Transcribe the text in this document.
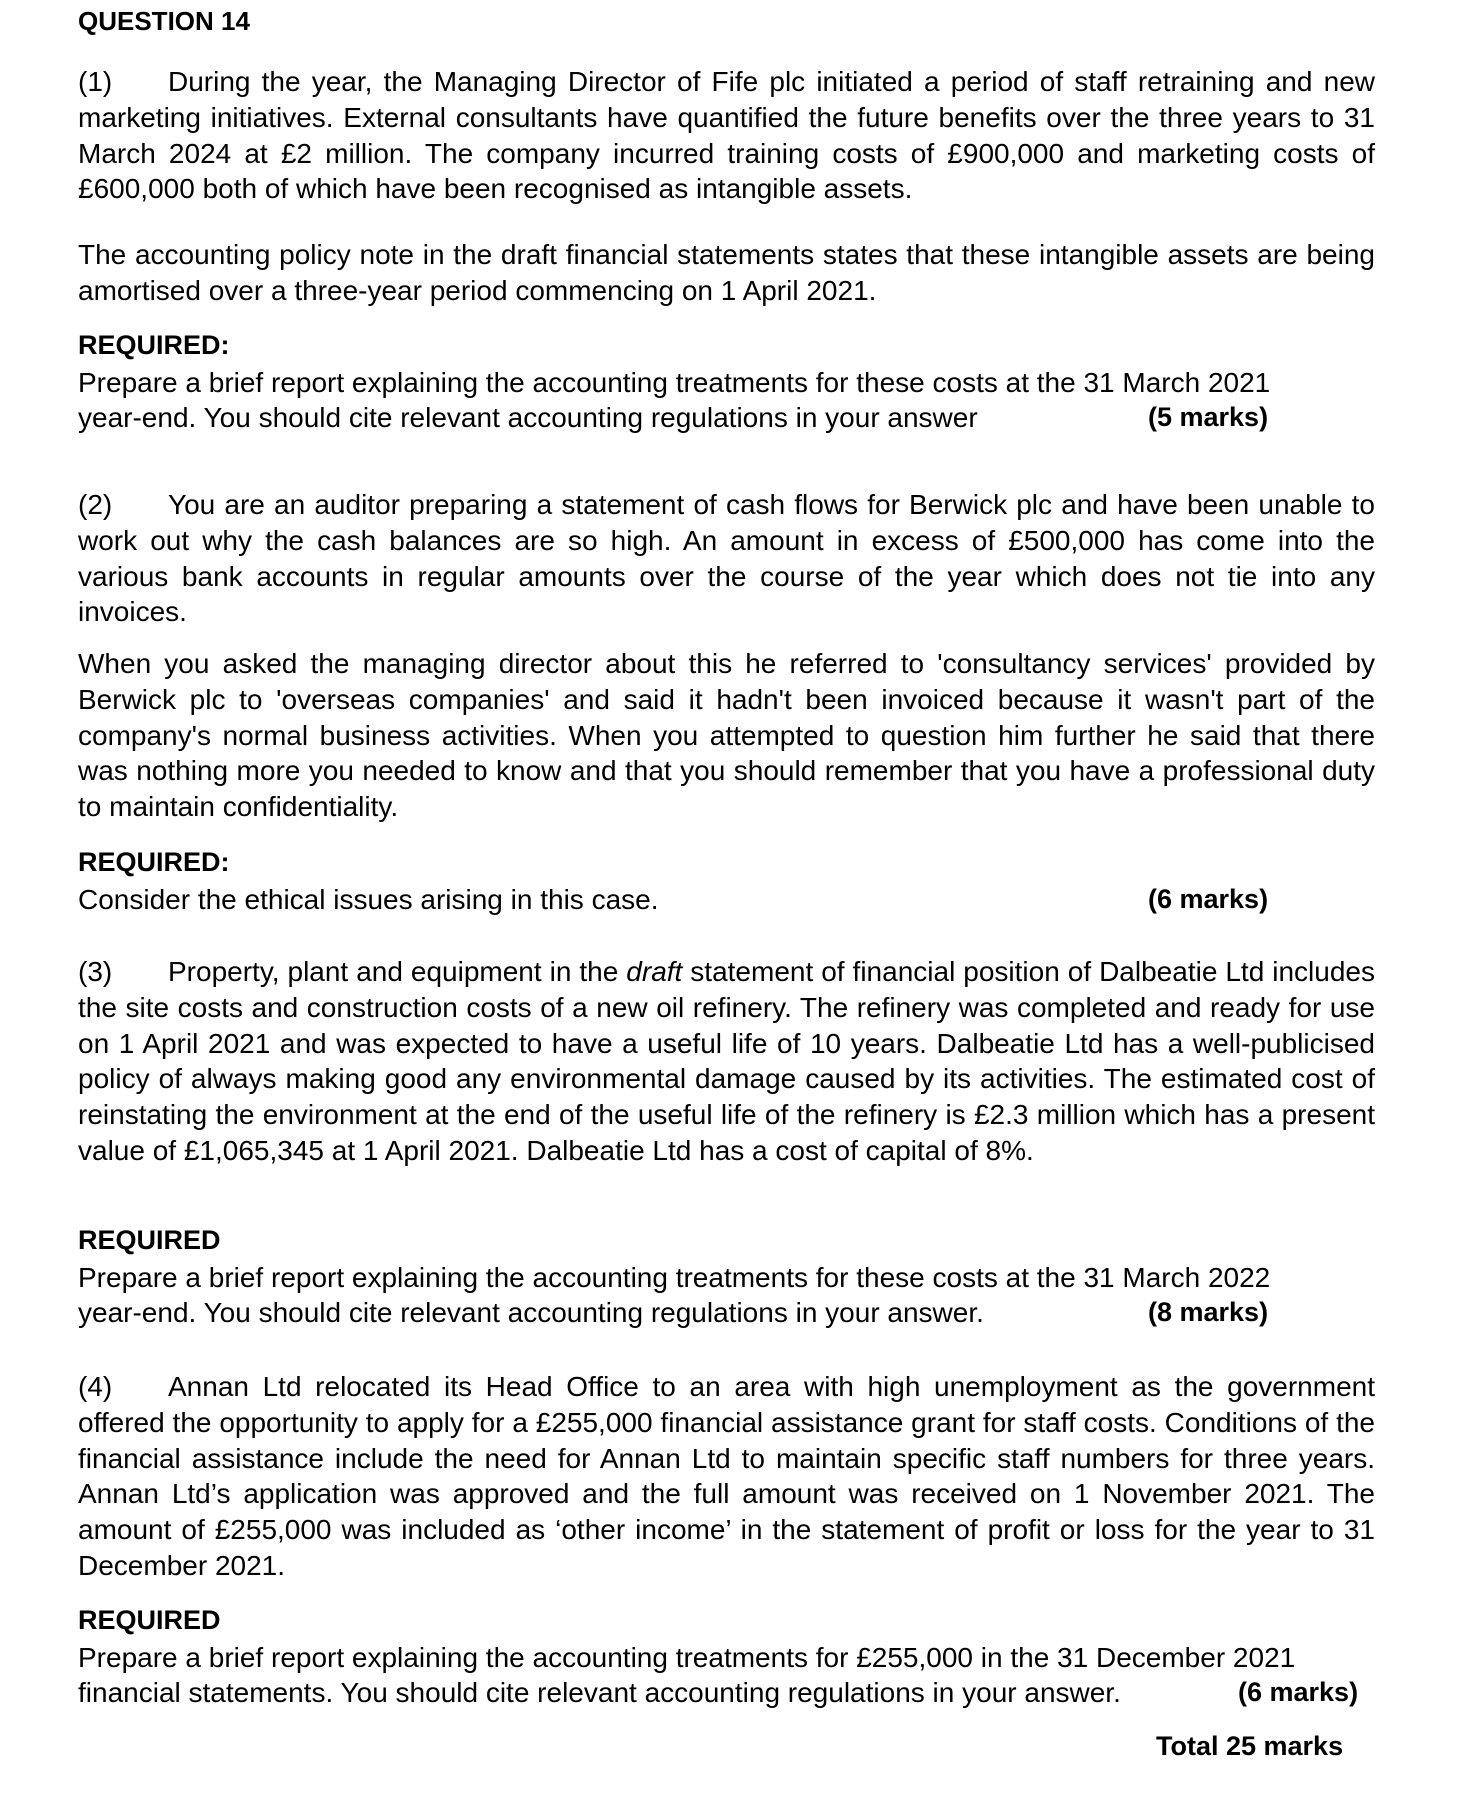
QUESTION 14
(1) During the year, the Managing Director of Fife plc initiated a period of staff retraining and new marketing initiatives. External consultants have quantified the future benefits over the three years to 31 March 2024 at £2 million. The company incurred training costs of £900,000 and marketing costs of £600,000 both of which have been recognised as intangible assets.
The accounting policy note in the draft financial statements states that these intangible assets are being amortised over a three-year period commencing on 1 April 2021.
REQUIRED:
Prepare a brief report explaining the accounting treatments for these costs at the 31 March 2021
year-end. You should cite relevant accounting regulations in your answer	(5 marks)
(2) You are an auditor preparing a statement of cash flows for Berwick plc and have been unable to work out why the cash balances are so high. An amount in excess of £500,000 has come into the various bank accounts in regular amounts over the course of the year which does not tie into any invoices.
When you asked the managing director about this he referred to 'consultancy services' provided by Berwick plc to 'overseas companies' and said it hadn't been invoiced because it wasn't part of the company's normal business activities. When you attempted to question him further he said that there was nothing more you needed to know and that you should remember that you have a professional duty to maintain confidentiality.
REQUIRED:
Consider the ethical issues arising in this case.	(6 marks)
(3) Property, plant and equipment in the draft statement of financial position of Dalbeatie Ltd includes the site costs and construction costs of a new oil refinery. The refinery was completed and ready for use on 1 April 2021 and was expected to have a useful life of 10 years. Dalbeatie Ltd has a well-publicised policy of always making good any environmental damage caused by its activities. The estimated cost of reinstating the environment at the end of the useful life of the refinery is £2.3 million which has a present value of £1,065,345 at 1 April 2021. Dalbeatie Ltd has a cost of capital of 8%.
REQUIRED
Prepare a brief report explaining the accounting treatments for these costs at the 31 March 2022
year-end. You should cite relevant accounting regulations in your answer.	(8 marks)
(4) Annan Ltd relocated its Head Office to an area with high unemployment as the government offered the opportunity to apply for a £255,000 financial assistance grant for staff costs. Conditions of the financial assistance include the need for Annan Ltd to maintain specific staff numbers for three years. Annan Ltd’s application was approved and the full amount was received on 1 November 2021. The amount of £255,000 was included as ‘other income’ in the statement of profit or loss for the year to 31 December 2021.
REQUIRED
Prepare a brief report explaining the accounting treatments for £255,000 in the 31 December 2021
financial statements. You should cite relevant accounting regulations in your answer.	(6 marks)
Total 25 marks
